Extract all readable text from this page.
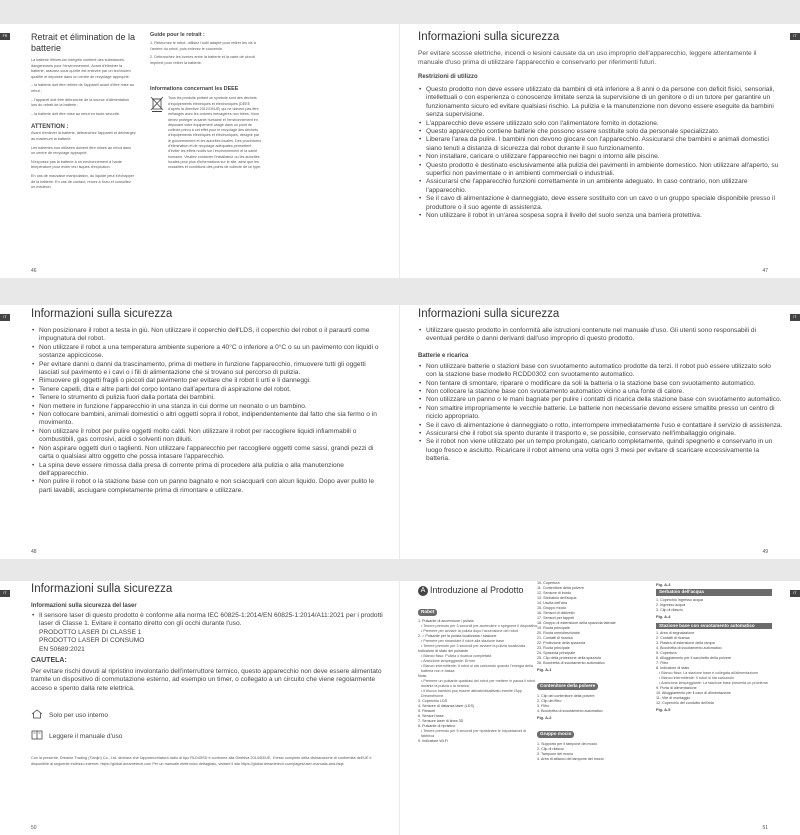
FR	IT
Retrait et élimination de la batterie

La batterie lithium-ion intégrée contient des substances dangereuses pour l'environnement. Avant d'éliminer la batterie, assurez-vous qu'elle est enlevée par un technicien qualifié et déposée dans un centre de recyclage approprié.

– la batterie doit être retirée de l'appareil avant d'être mise au rebut ;

– l'appareil doit être débranché de la source d'alimentation lors du retrait de la batterie ;

– la batterie doit être mise au rebut en toute sécurité.

ATTENTION :

Avant d'enlever la batterie, débranchez l'appareil et déchargez au maximum la batterie.

Les batteries non utilisées doivent être mises au rebut dans un centre de recyclage approprié.

N'exposez pas la batterie à un environnement à haute température pour éviter les risques d'explosion.

En cas de mauvaise manipulation, du liquide peut s'échapper de la batterie. En cas de contact, rincez à l'eau et consultez un médecin.

Guide pour le retrait :

1. Retournez le robot, utilisez l'outil adapté pour retirer les vis à l'arrière du robot, puis enlevez le couvercle.

2. Débranchez les bornes entre la batterie et la carte de circuit imprimé pour retirer la batterie.

Informations concernant les DEEE
Tous les produits portant ce symbole sont des déchets d'équipements électriques et électroniques (DEEE d'après la directive 2012/19/UE) qui ne doivent pas être mélangés avec les ordures ménagères non triées. Vous devez protéger la santé humaine et l'environnement en déposant votre équipement usagé dans un point de collecte prévu à cet effet pour le recyclage des déchets d'équipements électriques et électroniques, désigné par le gouvernement et les autorités locales. Des procédures d'élimination et de recyclage adéquates permettent d'éviter les effets nocifs sur l'environnement et la santé humaine. Veuillez contacter l'installateur ou les autorités locales pour plus d'informations sur le site, ainsi que les modalités et conditions des points de collecte de ce type.
46
Informazioni sulla sicurezza
Per evitare scosse elettriche, incendi o lesioni causate da un uso improprio dell'apparecchio, leggere attentamente il manuale d'uso prima di utilizzare l'apparecchio e conservarlo per riferimenti futuri.
Restrizioni di utilizzo
• Questo prodotto non deve essere utilizzato da bambini di età inferiore a 8 anni o da persone con deficit fisici, sensoriali, intellettuali o con esperienza o conoscenze limitate senza la supervisione di un genitore o di un tutore per garantire un funzionamento sicuro ed evitare qualsiasi rischio. La pulizia e la manutenzione non devono essere eseguite da bambini senza supervisione.
• L'apparecchio deve essere utilizzato solo con l'alimentatore fornito in dotazione.
• Questo apparecchio contiene batterie che possono essere sostituite solo da personale specializzato.
• Liberare l'area da pulire. I bambini non devono giocare con l'apparecchio. Assicurarsi che bambini e animali domestici siano tenuti a distanza di sicurezza dal robot durante il suo funzionamento.
• Non installare, caricare o utilizzare l'apparecchio nei bagni o intorno alle piscine.
• Questo prodotto è destinato esclusivamente alla pulizia dei pavimenti in ambiente domestico. Non utilizzare all'aperto, su superfici non pavimentate o in ambienti commerciali o industriali.
• Assicurarsi che l'apparecchio funzioni correttamente in un ambiente adeguato. In caso contrario, non utilizzare l'apparecchio.
• Se il cavo di alimentazione è danneggiato, deve essere sostituito con un cavo o un gruppo speciale disponibile presso il produttore o il suo agente di assistenza.
• Non utilizzare il robot in un'area sospesa sopra il livello del suolo senza una barriera protettiva.
47
IT	IT
Informazioni sulla sicurezza
• Non posizionare il robot a testa in giù. Non utilizzare il coperchio dell'LDS, il coperchio del robot o il paraurti come impugnatura del robot.
• Non utilizzare il robot a una temperatura ambiente superiore a 40°C o inferiore a 0°C o su un pavimento con liquidi o sostanze appiccicose.
• Per evitare danni o danni da trascinamento, prima di mettere in funzione l'apparecchio, rimuovere tutti gli oggetti lasciati sul pavimento e i cavi o i fili di alimentazione che si trovano sul percorso di pulizia.
• Rimuovere gli oggetti fragili o piccoli dal pavimento per evitare che il robot li urti e li danneggi.
• Tenere capelli, dita e altre parti del corpo lontano dall'apertura di aspirazione del robot.
• Tenere lo strumento di pulizia fuori dalla portata dei bambini.
• Non mettere in funzione l'apparecchio in una stanza in cui dorme un neonato o un bambino.
• Non collocare bambini, animali domestici o altri oggetti sopra il robot, indipendentemente dal fatto che sia fermo o in movimento.
• Non utilizzare il robot per pulire oggetti molto caldi. Non utilizzare il robot per raccogliere liquidi infiammabili o combustibili, gas corrosivi, acidi o solventi non diluiti.
• Non aspirare oggetti duri o taglienti. Non utilizzare l'apparecchio per raccogliere oggetti come sassi, grandi pezzi di carta o qualsiasi altro oggetto che possa intasare l'apparecchio.
• La spina deve essere rimossa dalla presa di corrente prima di procedere alla pulizia o alla manutenzione dell'apparecchio.
• Non pulire il robot o la stazione base con un panno bagnato e non sciacquarli con alcun liquido. Dopo aver pulito le parti lavabili, asciugare completamente prima di rimontare e utilizzare.
48
Informazioni sulla sicurezza
• Utilizzare questo prodotto in conformità alle istruzioni contenute nel manuale d'uso. Gli utenti sono responsabili di eventuali perdite o danni derivanti dall'uso improprio di questo prodotto.
Batterie e ricarica
• Non utilizzare batterie o stazioni base con svuotamento automatico prodotte da terzi. Il robot può essere utilizzato solo con la stazione base modello RCDD0302 con svuotamento automatico.
• Non tentare di smontare, riparare o modificare da soli la batteria o la stazione base con svuotamento automatico.
• Non collocare la stazione base con svuotamento automatico vicino a una fonte di calore.
• Non utilizzare un panno o le mani bagnate per pulire i contatti di ricarica della stazione base con svuotamento automatico.
• Non smaltire impropriamente le vecchie batterie. Le batterie non necessarie devono essere smaltite presso un centro di riciclo appropriato.
• Se il cavo di alimentazione è danneggiato o rotto, interrompere immediatamente l'uso e contattare il servizio di assistenza.
• Assicurarsi che il robot sia spento durante il trasporto e, se possibile, conservato nell'imballaggio originale.
• Se il robot non viene utilizzato per un tempo prolungato, caricarlo completamente, quindi spegnerlo e conservarlo in un luogo fresco e asciutto. Ricaricare il robot almeno una volta ogni 3 mesi per evitare di scaricare eccessivamente la batteria.
49
IT	IT
Informazioni sulla sicurezza
Informazioni sulla sicurezza del laser
• Il sensore laser di questo prodotto è conforme alla norma IEC 60825-1:2014/EN 60825-1:2014/A11:2021 per i prodotti laser di Classe 1. Evitare il contatto diretto con gli occhi durante l'uso.
PRODOTTO LASER DI CLASSE 1
PRODOTTO LASER DI CONSUMO
EN 50689:2021
CAUTELA:
Per evitare rischi dovuti al ripristino involontario dell'interruttore termico, questo apparecchio non deve essere alimentato tramite un dispositivo di commutazione esterno, ad esempio un timer, o collegato a un circuito che viene regolarmente acceso e spento dalla rete elettrica.
Solo per uso interno
Leggere il manuale d'uso
Con la presente, Dreame Trading (Tianjin) Co., Ltd. dichiara che l'apparecchiatura radio di tipo RLD45SD è conforme alla Direttiva 2014/53/UE. Il testo completo della dichiarazione di conformità dell'UE è disponibile al seguente indirizzo internet: https://global.dreametech.com Per un manuale elettronico dettagliato, visitare il sito https://global.dreametech.com/pages/user-manuals-and-faqs
50
A Introduzione al Prodotto
Robot
1. Pulsante di accensione / pulizia
• Tenere premuto per 3 secondi per accendere o spegnere il dispositivo
• Premere per avviare la pulizia dopo l'accensione del robot
2. ⌂ Pulsante per la pulizia localizzata / stazione
• Premere per rimandare il robot alla stazione base
• Tenere premuto per 3 secondi per avviare la pulizia localizzata
Indicatore di stato del pulsante
• Bianco fisso: Pulizia o ricarica completata
• Arancione lampeggiante: Errore
• Bianco intermittente: Il robot si sta caricando quando l'energia della batteria non è bassa
Nota:
• Premere un pulsante qualsiasi del robot per mettere in pausa il robot durante la pulizia o la ricarica.
• Il blocco bambini può essere attivato/disattivato tramite l'App Dreamehome.
3. Coperchio LDS
4. Sensore di distanza laser (LDS)
5. Paraurti
6. Sensori base
7. Sensore laser di linea 3D
8. Pulsante di ripristino
• Tenere premuto per 5 secondi per ripristinare le impostazioni di fabbrica
9. Indicatore Wi-Fi
10. Copertura
11. Contenitore della polvere
12. Sensore di bordo
13. Sbrbatoio dell'acqua
14. Uscita dell'aria
15. Gruppo mocio
16. Sensori di dislivello
17. Sensori per tappeti
18. Gruppo di estensione della spazzola laterale
19. Ruota principale
20. Ruota omnidirezionale
21. Contatti di ricarica
22. Protezione della spazzola
23. Ruota principale
24. Spazzola principale
25. Clip della protezione della spazzola
26. Bocchetta di svuotamento automatico
Fig. A-1
Contenitore della polvere
1. Clip del contenitore della polvere
2. Clip del filtro
3. Filtro
4. Bocchetta di svuotamento automatico
Fig. A-2
Gruppo mocio
1. Supporto per il tampone del mocio
2. Clip di rilascio
3. Tampone del mocio
4. Area di attacco del tampone del mocio
Fig. A-3
Serbatoio dell'acqua
1. Coperchio ingresso acqua
2. Ingresso acqua
3. Clip di rilascio
Fig. A-4
Stazione base con svuotamento automatico
1. Area di segnalazione
2. Contatti di ricarica
3. Piastra di estensione della rampa
4. Bocchetta di svuotamento automatico
5. Copertura
6. Alloggiamento per il sacchetto della polvere
7. Filtro
8. Indicatore di stato
• Bianco fisso: La stazione base è collegata all'alimentazione
• Bianco intermittente: Il robot si sta caricando
• Arancione lampeggiante: La stazione base presenta un problema
9. Porta di alimentazione
10. Alloggiamento per il cavo di alimentazione
11. Vite di montaggio
12. Coperchio del condotto dell'aria
Fig. A-5
51
